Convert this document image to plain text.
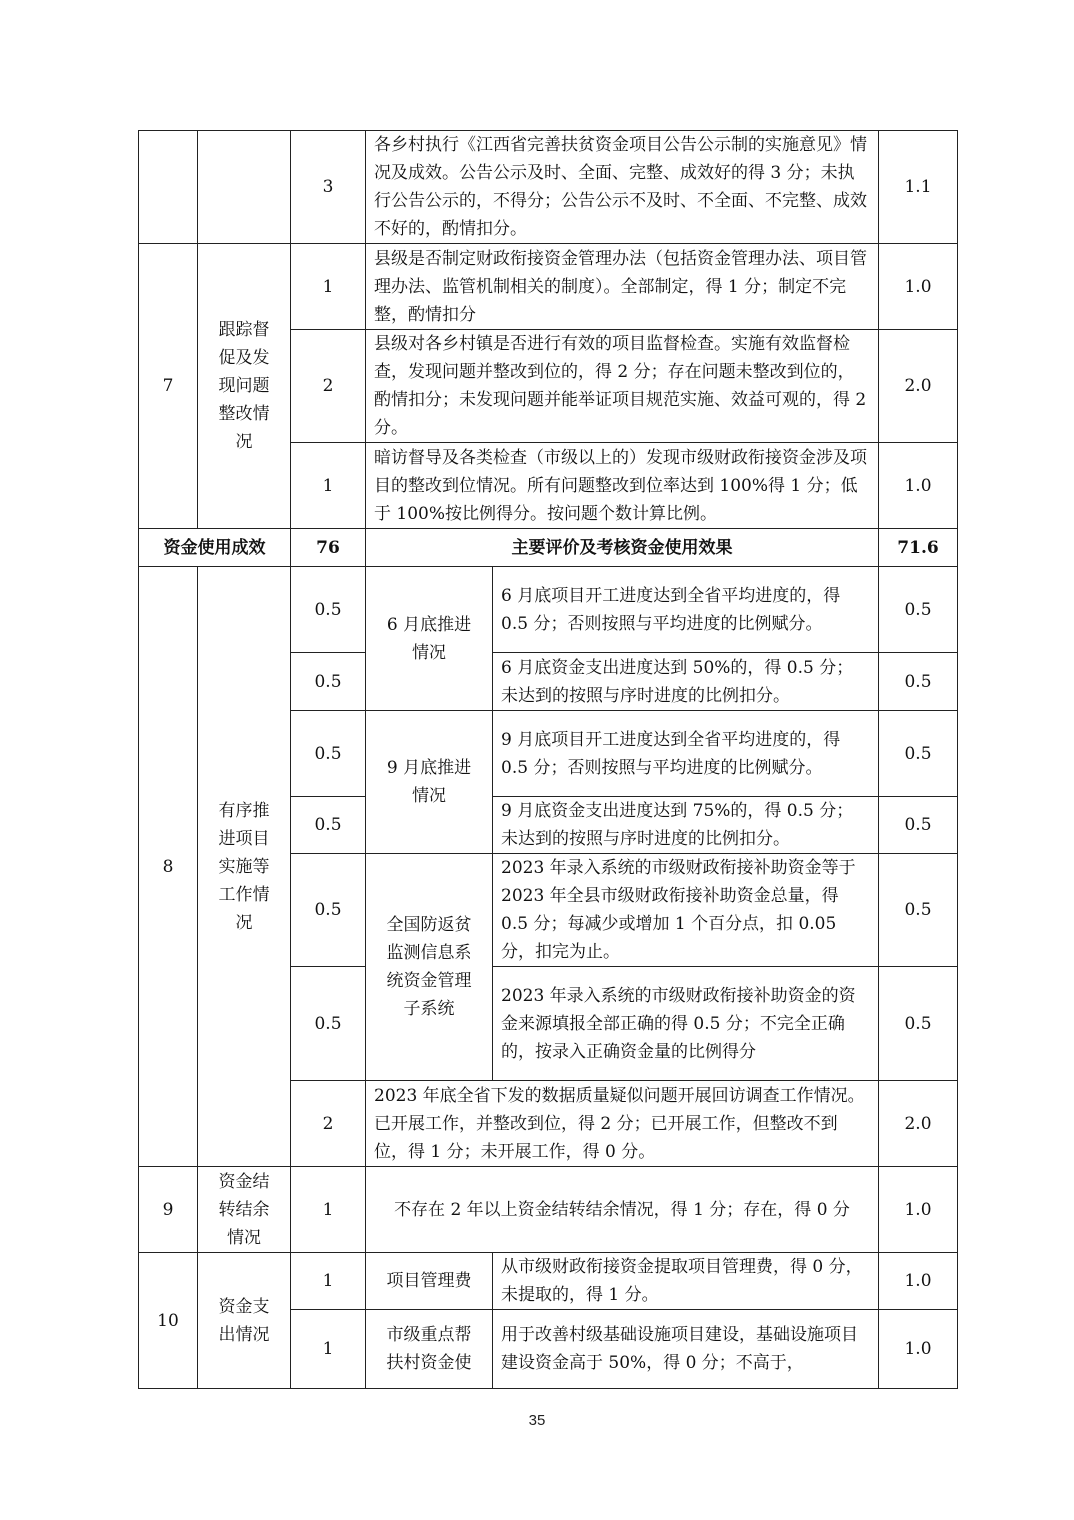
		3	各乡村执行《江西省完善扶贫资金项目公告公示制的实施意见》情况及成效。公告公示及时、全面、完整、成效好的得 3 分；未执行公告公示的，不得分；公告公示不及时、不全面、不完整、成效不好的，酌情扣分。		1.1
7	跟踪督促及发现问题整改情况	1	县级是否制定财政衔接资金管理办法（包括资金管理办法、项目管理办法、监管机制相关的制度）。全部制定，得 1 分；制定不完整，酌情扣分		1.0
		2	县级对各乡村镇是否进行有效的项目监督检查。实施有效监督检查，发现问题并整改到位的，得 2 分；存在问题未整改到位的，酌情扣分；未发现问题并能举证项目规范实施、效益可观的，得 2 分。		2.0
		1	暗访督导及各类检查（市级以上的）发现市级财政衔接资金涉及项目的整改到位情况。所有问题整改到位率达到 100%得 1 分；低于 100%按比例得分。按问题个数计算比例。		1.0
资金使用成效		76	主要评价及考核资金使用效果		71.6
8	有序推进项目实施等工作情况	0.5	6 月底推进情况	6 月底项目开工进度达到全省平均进度的，得 0.5 分；否则按照与平均进度的比例赋分。	0.5
		0.5		6 月底资金支出进度达到 50%的，得 0.5 分；未达到的按照与序时进度的比例扣分。	0.5
		0.5	9 月底推进情况	9 月底项目开工进度达到全省平均进度的，得 0.5 分；否则按照与平均进度的比例赋分。	0.5
		0.5		9 月底资金支出进度达到 75%的，得 0.5 分；未达到的按照与序时进度的比例扣分。	0.5
		0.5	全国防返贫监测信息系统资金管理子系统	2023 年录入系统的市级财政衔接补助资金等于 2023 年全县市级财政衔接补助资金总量，得 0.5 分；每减少或增加 1 个百分点，扣 0.05 分，扣完为止。	0.5
		0.5		2023 年录入系统的市级财政衔接补助资金的资金来源填报全部正确的得 0.5 分；不完全正确的，按录入正确资金量的比例得分	0.5
		2	2023 年底全省下发的数据质量疑似问题开展回访调查工作情况。已开展工作，并整改到位，得 2 分；已开展工作，但整改不到位，得 1 分；未开展工作，得 0 分。		2.0
9	资金结转结余情况	1	不存在 2 年以上资金结转结余情况，得 1 分；存在，得 0 分		1.0
10	资金支出情况	1	项目管理费	从市级财政衔接资金提取项目管理费，得 0 分，未提取的，得 1 分。	1.0
		1	市级重点帮扶村资金使	用于改善村级基础设施项目建设，基础设施项目建设资金高于 50%，得 0 分；不高于，	1.0
35
